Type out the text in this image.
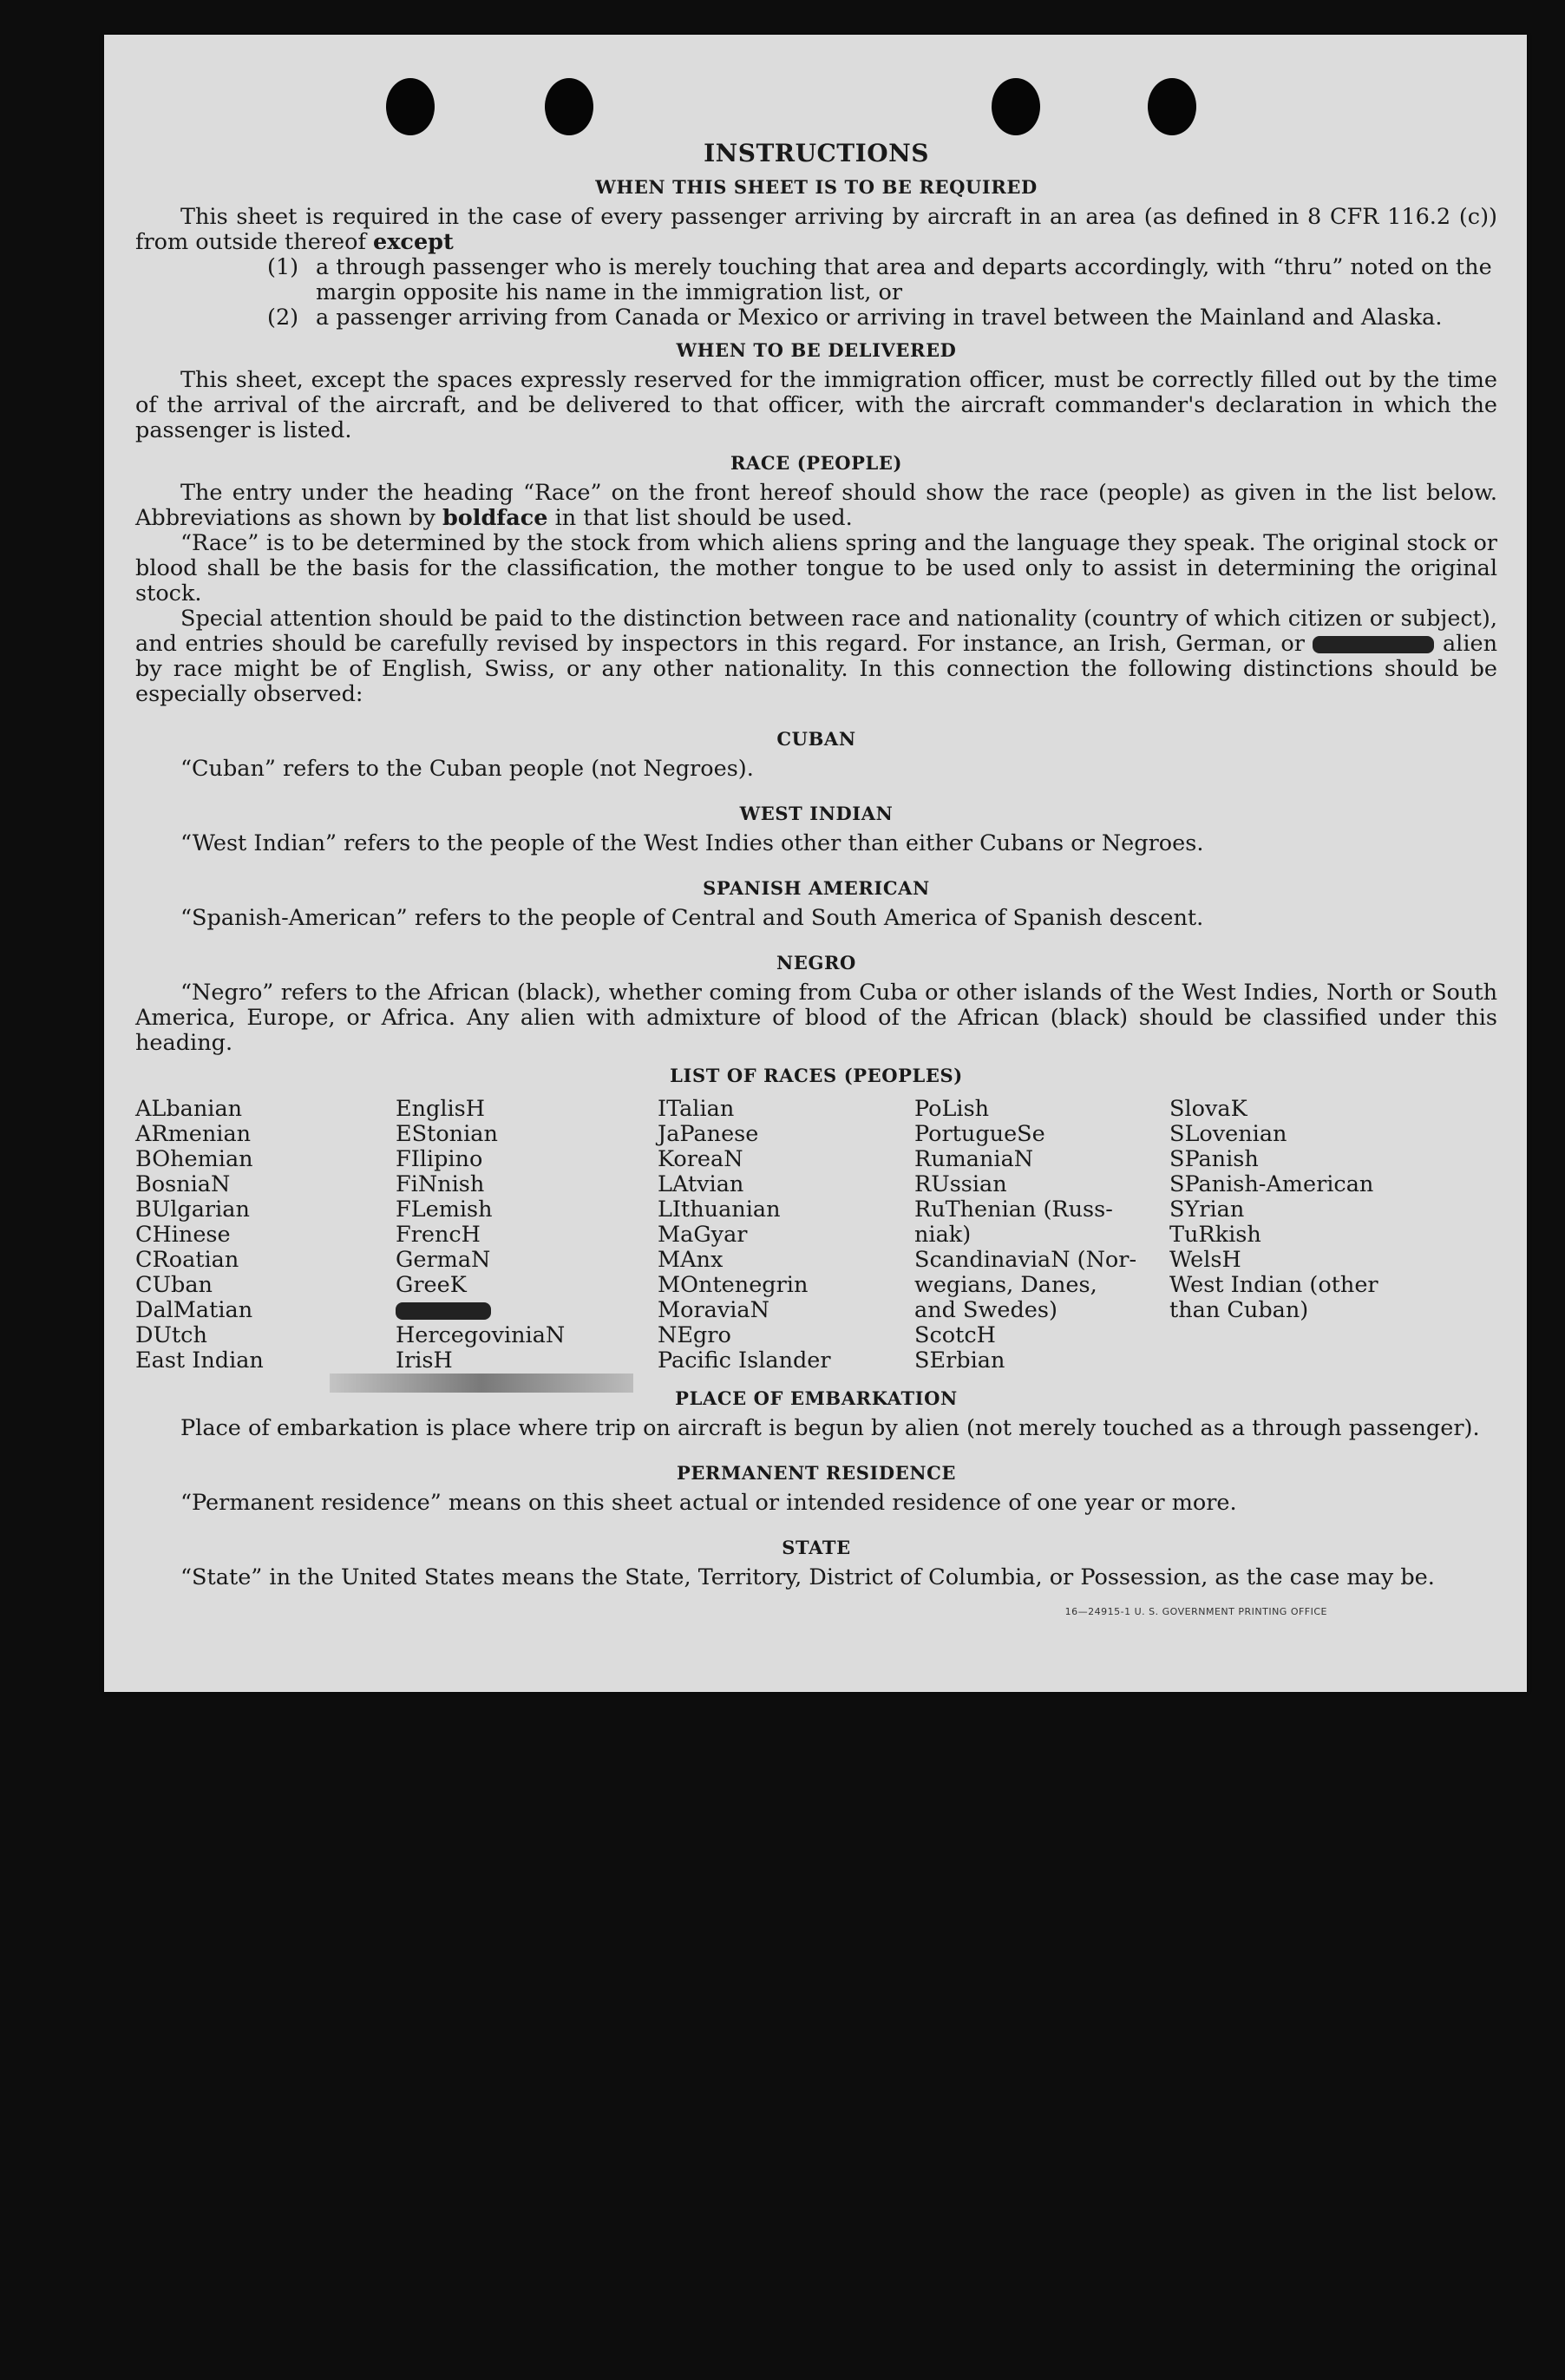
INSTRUCTIONS
WHEN THIS SHEET IS TO BE REQUIRED

This sheet is required in the case of every passenger arriving by aircraft in an area (as defined in 8 CFR 116.2 (c)) from outside thereof except

(1) a through passenger who is merely touching that area and departs accordingly, with “thru” noted on the margin opposite his name in the immigration list, or
(2) a passenger arriving from Canada or Mexico or arriving in travel between the Mainland and Alaska.
WHEN TO BE DELIVERED

This sheet, except the spaces expressly reserved for the immigration officer, must be correctly filled out by the time of the arrival of the aircraft, and be delivered to that officer, with the aircraft commander's declaration in which the passenger is listed.

RACE (PEOPLE)

The entry under the heading “Race” on the front hereof should show the race (people) as given in the list below. Abbreviations as shown by boldface in that list should be used.

“Race” is to be determined by the stock from which aliens spring and the language they speak. The original stock or blood shall be the basis for the classification, the mother tongue to be used only to assist in determining the original stock.

Special attention should be paid to the distinction between race and nationality (country of which citizen or subject), and entries should be carefully revised by inspectors in this regard. For instance, an Irish, German, or	alien by race might be of English, Swiss, or any other nationality. In this connection the following distinctions should be especially observed:

CUBAN

“Cuban” refers to the Cuban people (not Negroes).

WEST INDIAN

“West Indian” refers to the people of the West Indies other than either Cubans or Negroes.

SPANISH AMERICAN

“Spanish-American” refers to the people of Central and South America of Spanish descent.

NEGRO

“Negro” refers to the African (black), whether coming from Cuba or other islands of the West Indies, North or South America, Europe, or Africa. Any alien with admixture of blood of the African (black) should be classified under this heading.

LIST OF RACES (PEOPLES)
ALbanian
ARmenian
BOhemian
BosniaN
BUlgarian
CHinese
CRoatian
CUban
DalMatian
DUtch
East Indian
EnglisH
EStonian
FIlipino
FiNnish
FLemish
FrencH
GermaN
GreeK
HercegoviniaN
IrisH
ITalian
JaPanese
KoreaN
LAtvian
LIthuanian
MaGyar
MAnx
MOntenegrin
MoraviaN
NEgro
Pacific Islander
PoLish
PortugueSe
RumaniaN
RUssian
RuThenian (Russ-
niak)
ScandinaviaN (Nor-
wegians, Danes,
and Swedes)
ScotcH
SErbian
SlovaK
SLovenian
SPanish
SPanish-American
SYrian
TuRkish
WelsH
West Indian (other
than Cuban)
PLACE OF EMBARKATION

Place of embarkation is place where trip on aircraft is begun by alien (not merely touched as a through passenger).

PERMANENT RESIDENCE

“Permanent residence” means on this sheet actual or intended residence of one year or more.

STATE

“State” in the United States means the State, Territory, District of Columbia, or Possession, as the case may be.

16—24915-1 U. S. GOVERNMENT PRINTING OFFICE
